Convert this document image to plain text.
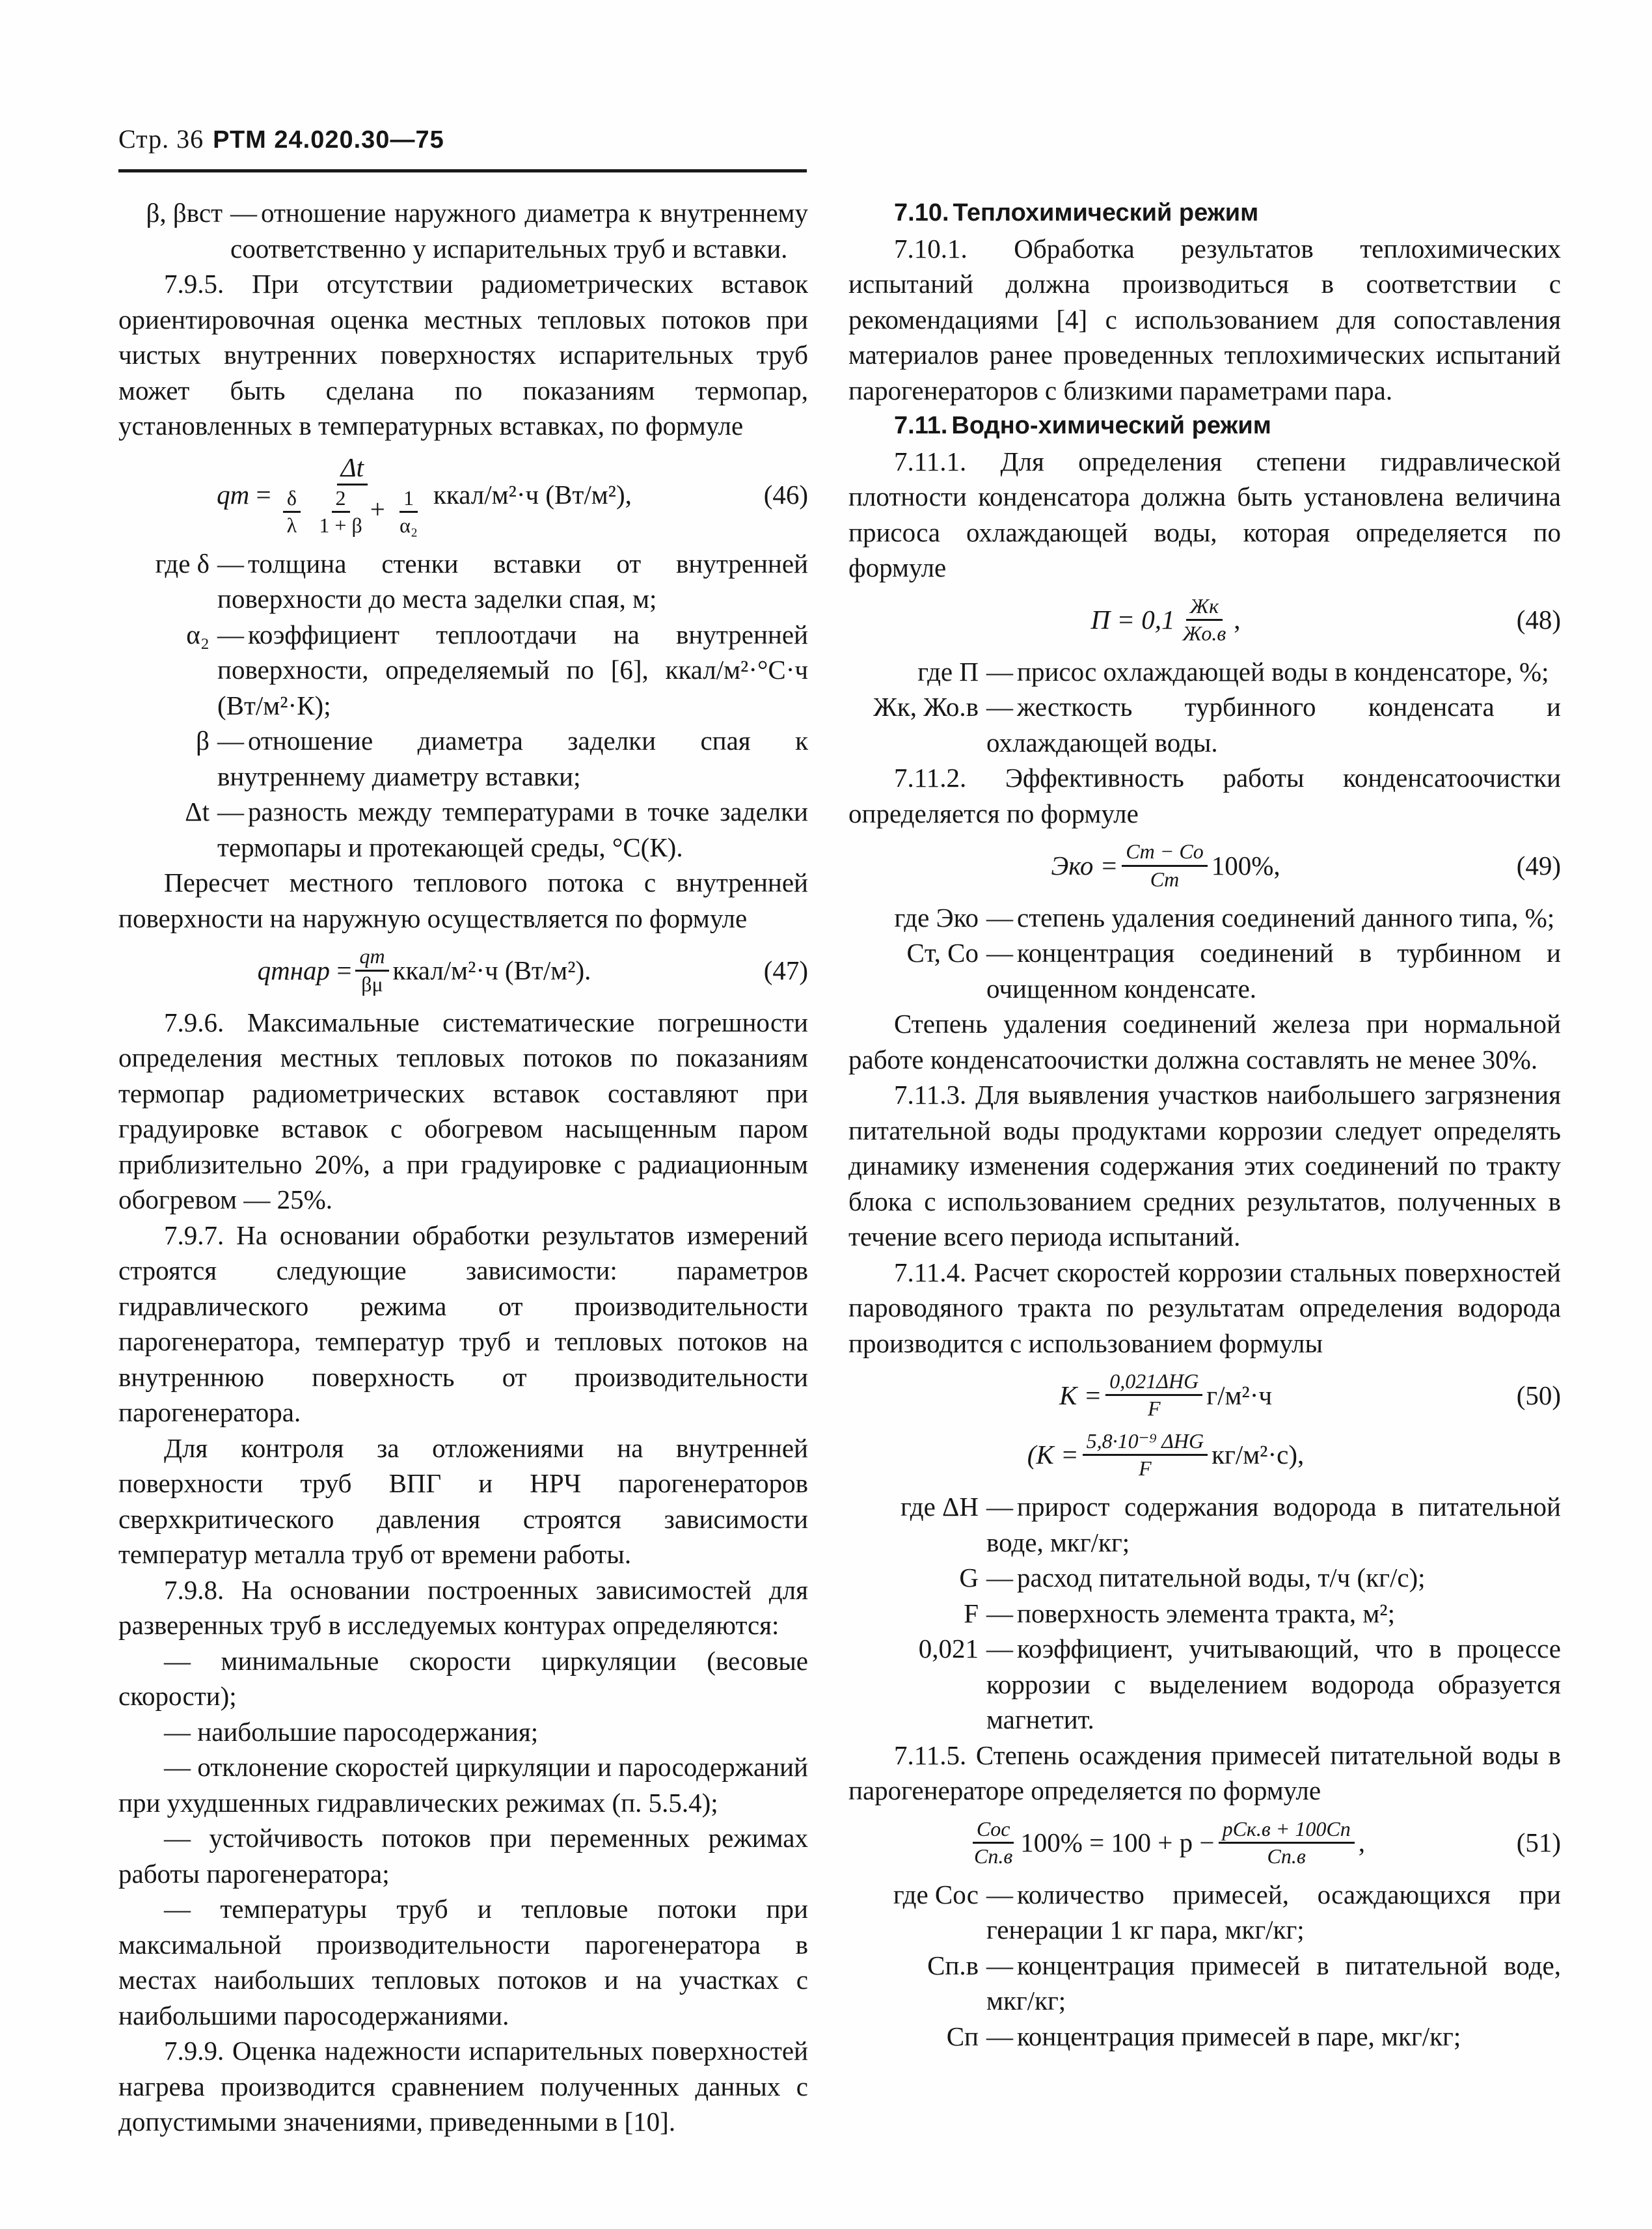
Стр. 36 РТМ 24.020.30—75
β, βвст — отношение наружного диаметра к внутреннему соответственно у испарительных труб и вставки.

7.9.5. При отсутствии радиометрических вставок ориентировочная оценка местных тепловых потоков при чистых внутренних поверхностях испарительных труб может быть сделана по показаниям термопар, установленных в температурных вставках, по формуле

qт = Δt
$\frac{\delta}{\lambda}$
$\frac{2}{1 + \beta} + \frac{1}{\text{α₂}}$ ккал/м²·ч (Вт/м²),	(46)
где δ — толщина стенки вставки от внутренней поверхности до места заделки спая, м;
α₂ — коэффициент теплоотдачи на внутренней поверхности, определяемый по [6], ккал/м²·°C·ч (Вт/м²·К);
β — отношение диаметра заделки спая к внутреннему диаметру вставки;
Δt — разность между температурами в точке заделки термопары и протекающей среды, °C(К).

Пересчет местного теплового потока с внутренней поверхности на наружную осуществляется по формуле

qтнар = $\frac{qт}{\beta\mu}$ ккал/м²·ч (Вт/м²).	(47)

7.9.6. Максимальные систематические погрешности определения местных тепловых потоков по показаниям термопар радиометрических вставок составляют при градуировке вставок с обогревом насыщенным паром приблизительно 20%, а при градуировке с радиационным обогревом — 25%.

7.9.7. На основании обработки результатов измерений строятся следующие зависимости: параметров гидравлического режима от производительности парогенератора, температур труб и тепловых потоков на внутреннюю поверхность от производительности парогенератора.

Для контроля за отложениями на внутренней поверхности труб ВПГ и НРЧ парогенераторов сверхкритического давления строятся зависимости температур металла труб от времени работы.

7.9.8. На основании построенных зависимостей для разверенных труб в исследуемых контурах определяются:

— минимальные скорости циркуляции (весовые скорости);

— наибольшие паросодержания;

— отклонение скоростей циркуляции и паросодержаний при ухудшенных гидравлических режимах (п. 5.5.4);

— устойчивость потоков при переменных режимах работы парогенератора;

— температуры труб и тепловые потоки при максимальной производительности парогенератора в местах наибольших тепловых потоков и на участках с наибольшими паросодержаниями.

7.9.9. Оценка надежности испарительных поверхностей нагрева производится сравнением полученных данных с допустимыми значениями, приведенными в [10].

7.10. Теплохимический режим

7.10.1. Обработка результатов теплохимических испытаний должна производиться в соответствии с рекомендациями [4] с использованием для сопоставления материалов ранее проведенных теплохимических испытаний парогенераторов с близкими параметрами пара.

7.11. Водно-химический режим

7.11.1. Для определения степени гидравлической плотности конденсатора должна быть установлена величина присоса охлаждающей воды, которая определяется по формуле

$П = 0,1 \frac{Жк}{Жо.в}$ ,	(48)
где П — присос охлаждающей воды в конденсаторе, %;
Жк, Жо.в — жесткость турбинного конденсата и охлаждающей воды.

7.11.2. Эффективность работы конденсатоочистки определяется по формуле

Эко = $\frac{Cт - Cо}{Cт} 100\%$,	(49)
где Эко — степень удаления соединений данного типа, %;
Cт, Cо — концентрация соединений в турбинном и очищенном конденсате.

Степень удаления соединений железа при нормальной работе конденсатоочистки должна составлять не менее 30%.

7.11.3. Для выявления участков наибольшего загрязнения питательной воды продуктами коррозии следует определять динамику изменения содержания этих соединений по тракту блока с использованием средних результатов, полученных в течение всего периода испытаний.

7.11.4. Расчет скоростей коррозии стальных поверхностей пароводяного тракта по результатам определения водорода производится с использованием формулы

$K = \frac{\text{0,021ΔHG}}{F} г/м^2\cdot ч$	(50)
$(K = \frac{\text{5,8·10⁻⁹ ΔHG}}{F} кг/м^2\cdot с)$,
где ΔH — прирост содержания водорода в питательной воде, мкг/кг;
G — расход питательной воды, т/ч (кг/с);
F — поверхность элемента тракта, м²;
0,021 — коэффициент, учитывающий, что в процессе коррозии с выделением водорода образуется магнетит.

7.11.5. Степень осаждения примесей питательной воды в парогенераторе определяется по формуле

$\frac{\text{Cос}}{Cп.в} 100\% = 100 + p - \frac{\text{pCк.в + 100Cп}}{Cп.в}$ ,	(51)
где Cос — количество примесей, осаждающихся при генерации 1 кг пара, мкг/кг;
Cп.в — концентрация примесей в питательной воде, мкг/кг;
Cп — концентрация примесей в паре, мкг/кг;
